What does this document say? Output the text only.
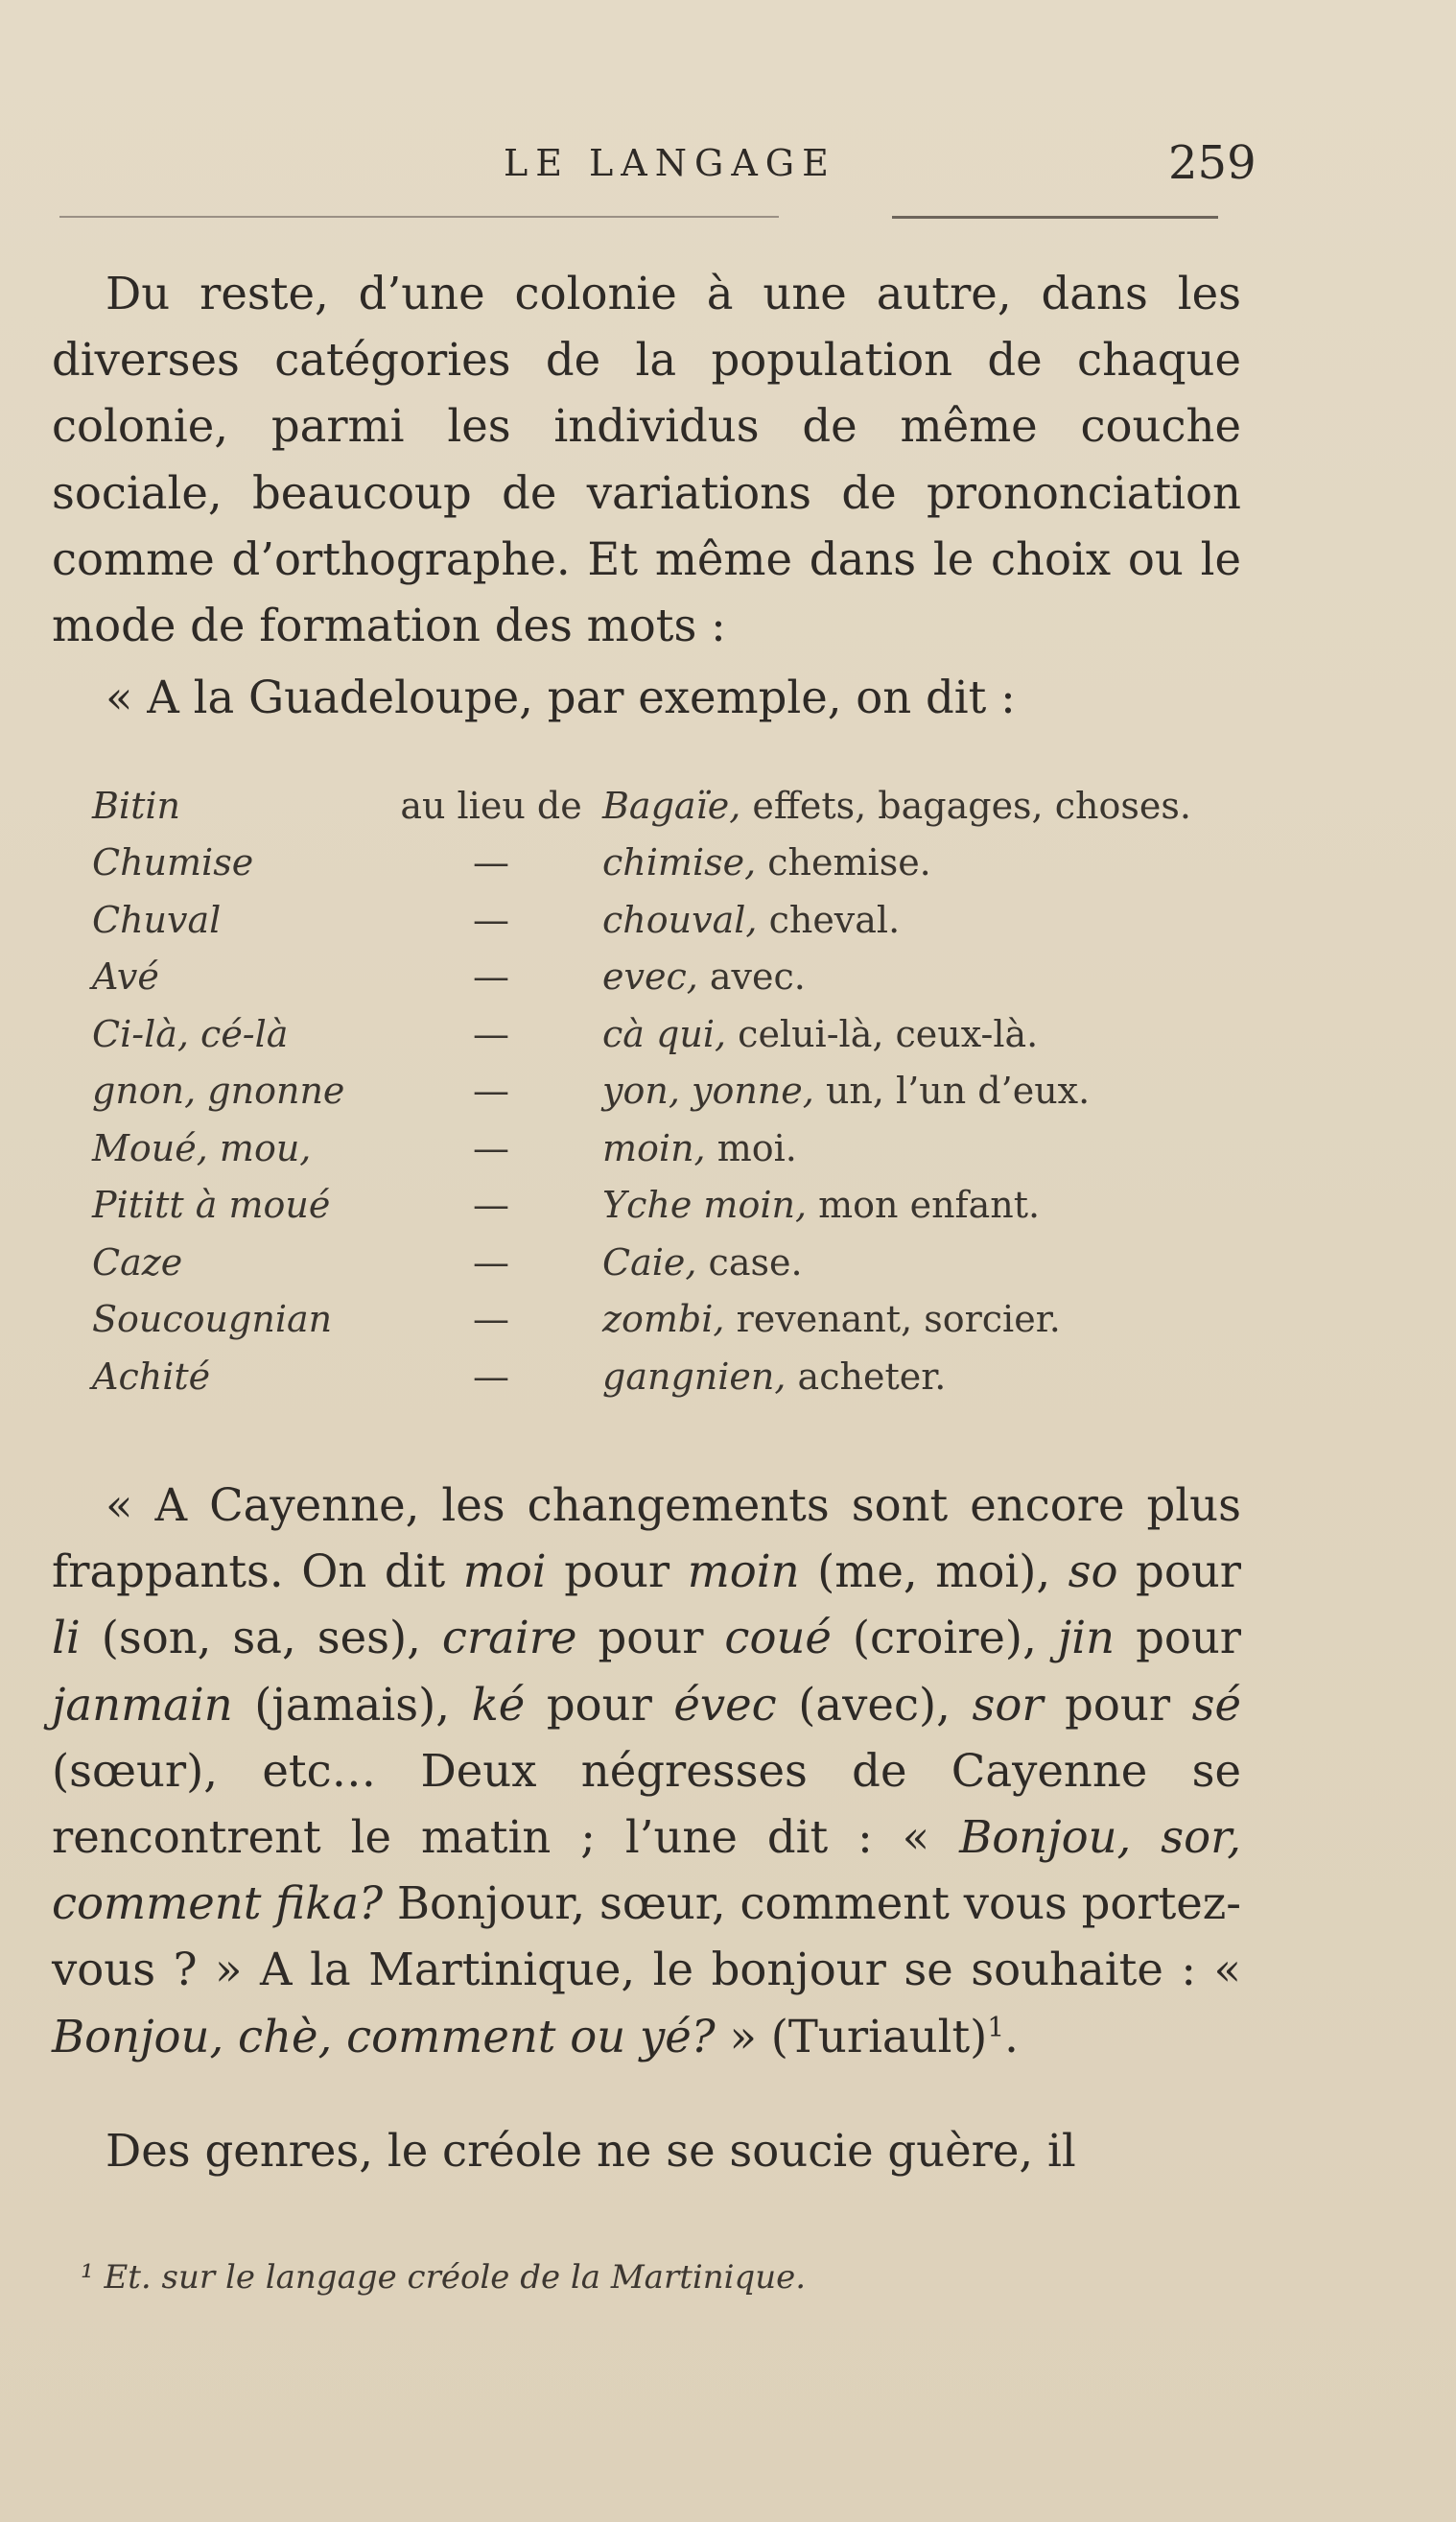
LE LANGAGE	259

Du reste, d’une colonie à une autre, dans les diverses catégories de la population de chaque colonie, parmi les individus de même couche sociale, beaucoup de variations de prononciation comme d’orthographe. Et même dans le choix ou le mode de formation des mots :

« A la Guadeloupe, par exemple, on dit :

Bitin	au lieu de	Bagaïe, effets, bagages, choses.
Chumise	—	chimise, chemise.
Chuval	—	chouval, cheval.
Avé	—	evec, avec.
Ci-là, cé-là	—	cà qui, celui-là, ceux-là.
gnon, gnonne	—	yon, yonne, un, l’un d’eux.
Moué, mou,	—	moin, moi.
Pititt à moué	—	Yche moin, mon enfant.
Caze	—	Caie, case.
Soucougnian	—	zombi, revenant, sorcier.
Achité	—	gangnien, acheter.

« A Cayenne, les changements sont encore plus frappants. On dit moi pour moin (me, moi), so pour li (son, sa, ses), craire pour coué (croire), jin pour janmain (jamais), ké pour évec (avec), sor pour sé (sœur), etc… Deux négresses de Cayenne se rencontrent le matin ; l’une dit : « Bonjou, sor, comment fika? Bonjour, sœur, comment vous portez-vous ? » A la Martinique, le bonjour se souhaite : « Bonjou, chè, comment ou yé? » (Turiault)$^1$.

Des genres, le créole ne se soucie guère, il

¹ Et. sur le langage créole de la Martinique.
